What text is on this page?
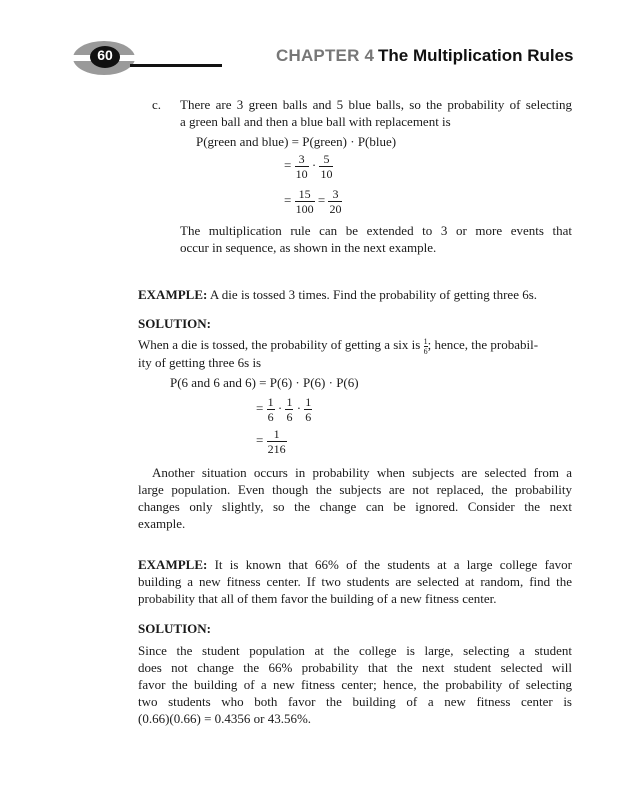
60	CHAPTER 4 The Multiplication Rules
c. There are 3 green balls and 5 blue balls, so the probability of selecting
a green ball and then a blue ball with replacement is
P(green and blue) = P(green) · P(blue)
= $\frac{3}{10} \cdot \frac{5}{10}$
= $\frac{15}{100} = \frac{3}{20}$
The multiplication rule can be extended to 3 or more events that
occur in sequence, as shown in the next example.
EXAMPLE: A die is tossed 3 times. Find the probability of getting three 6s.
SOLUTION:
When a die is tossed, the probability of getting a six is $\frac{1}{6}$ ; hence, the probabil-
ity of getting three 6s is
P(6 and 6 and 6) = P(6) · P(6) · P(6)
= $\frac{1}{6} \cdot \frac{1}{6} \cdot \frac{1}{6}$
= $\frac{1}{216}$
Another situation occurs in probability when subjects are selected from a
large population. Even though the subjects are not replaced, the probability
changes only slightly, so the change can be ignored. Consider the next
example.
EXAMPLE: It is known that 66% of the students at a large college favor
building a new fitness center. If two students are selected at random, find the
probability that all of them favor the building of a new fitness center.
SOLUTION:
Since the student population at the college is large, selecting a student
does not change the 66% probability that the next student selected will
favor the building of a new fitness center; hence, the probability of selecting
two students who both favor the building of a new fitness center is
(0.66)(0.66) = 0.4356 or 43.56%.
